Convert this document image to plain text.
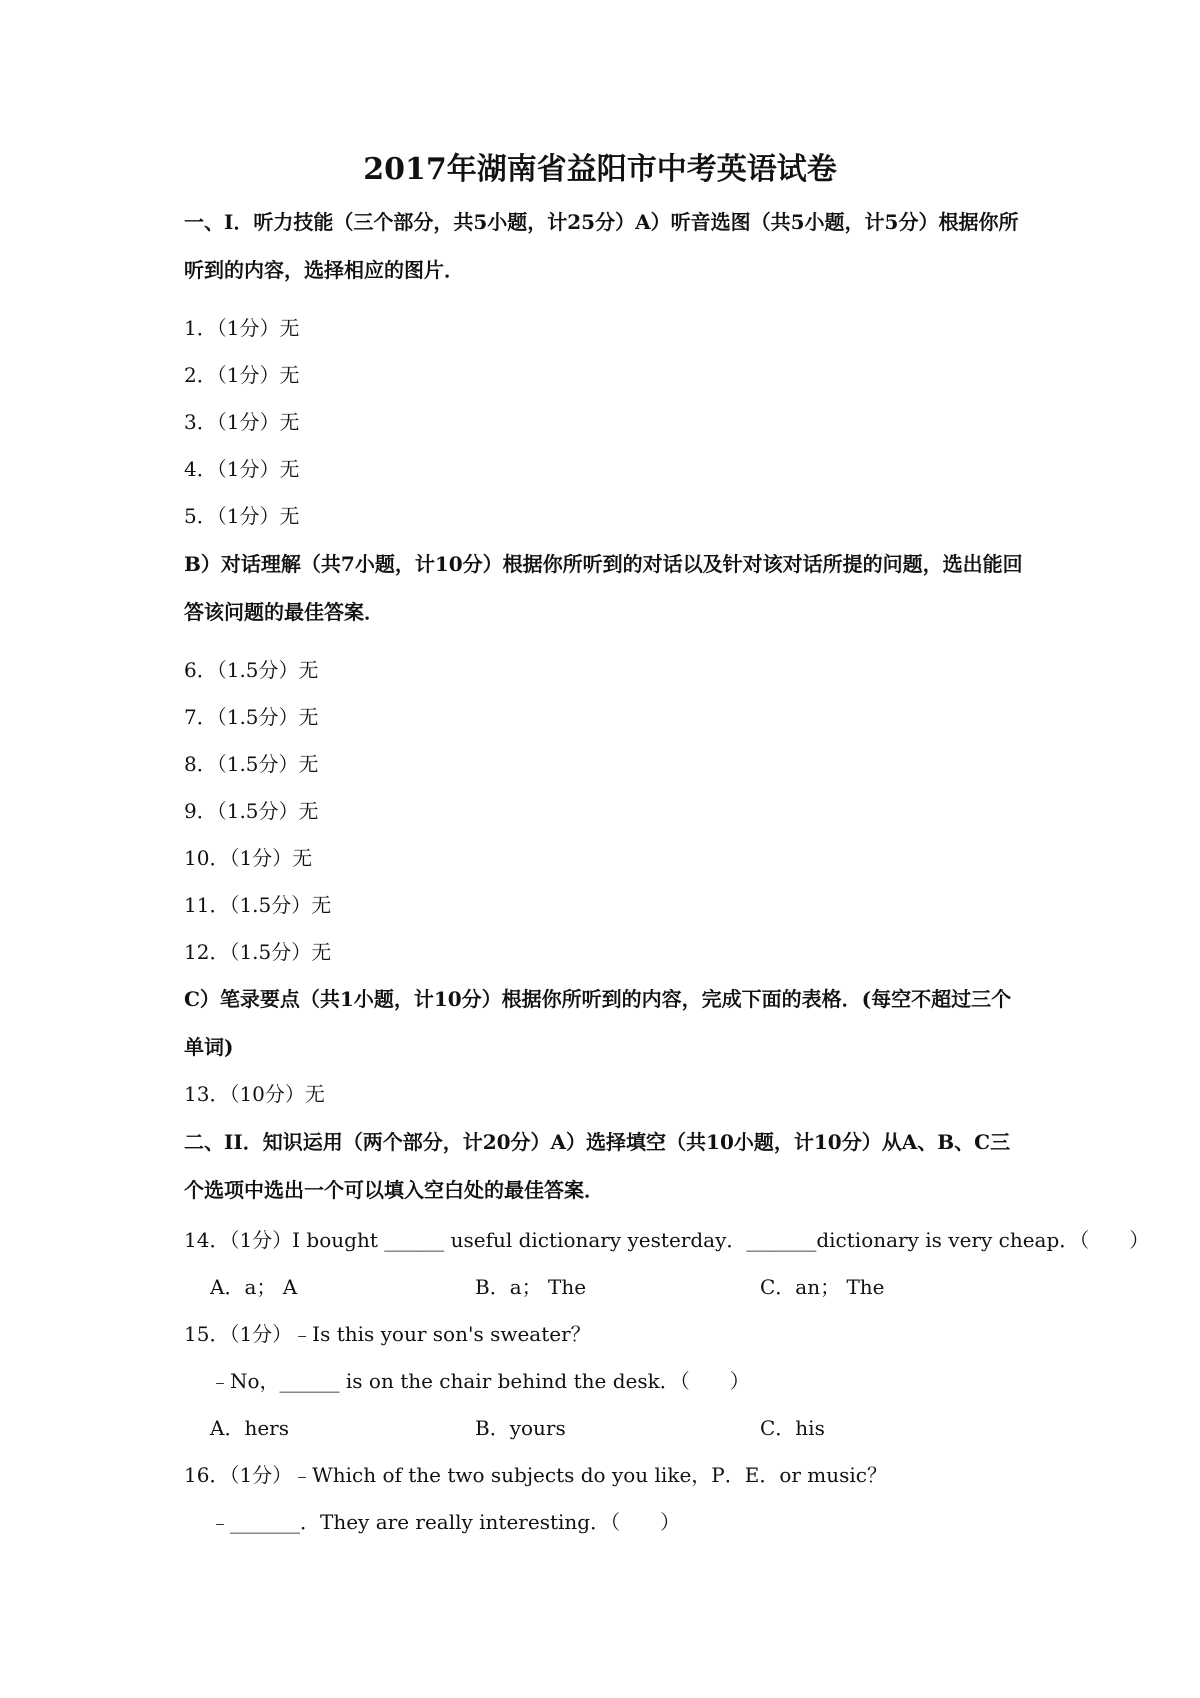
2017年湖南省益阳市中考英语试卷
一、I．听力技能（三个部分，共5小题，计25分）A）听音选图（共5小题，计5分）根据你所听到的内容，选择相应的图片．
1．（1分）无
2．（1分）无
3．（1分）无
4．（1分）无
5．（1分）无
B）对话理解（共7小题，计10分）根据你所听到的对话以及针对该对话所提的问题，选出能回答该问题的最佳答案．
6．（1.5分）无
7．（1.5分）无
8．（1.5分）无
9．（1.5分）无
10．（1分）无
11．（1.5分）无
12．（1.5分）无
C）笔录要点（共1小题，计10分）根据你所听到的内容，完成下面的表格．(每空不超过三个单词)
13．（10分）无
二、II．知识运用（两个部分，计20分）A）选择填空（共10小题，计10分）从A、B、C三个选项中选出一个可以填入空白处的最佳答案．
14．（1分）I bought ______ useful dictionary yesterday．_______dictionary is very cheap．（　　）
A．a； A	B．a； The	C．an； The
15．（1分）﹣Is this your son's sweater？
﹣No，______ is on the chair behind the desk．（　　）
A．hers	B．yours	C．his
16．（1分）﹣Which of the two subjects do you like，P．E．or music？
﹣_______．They are really interesting．（　　）
